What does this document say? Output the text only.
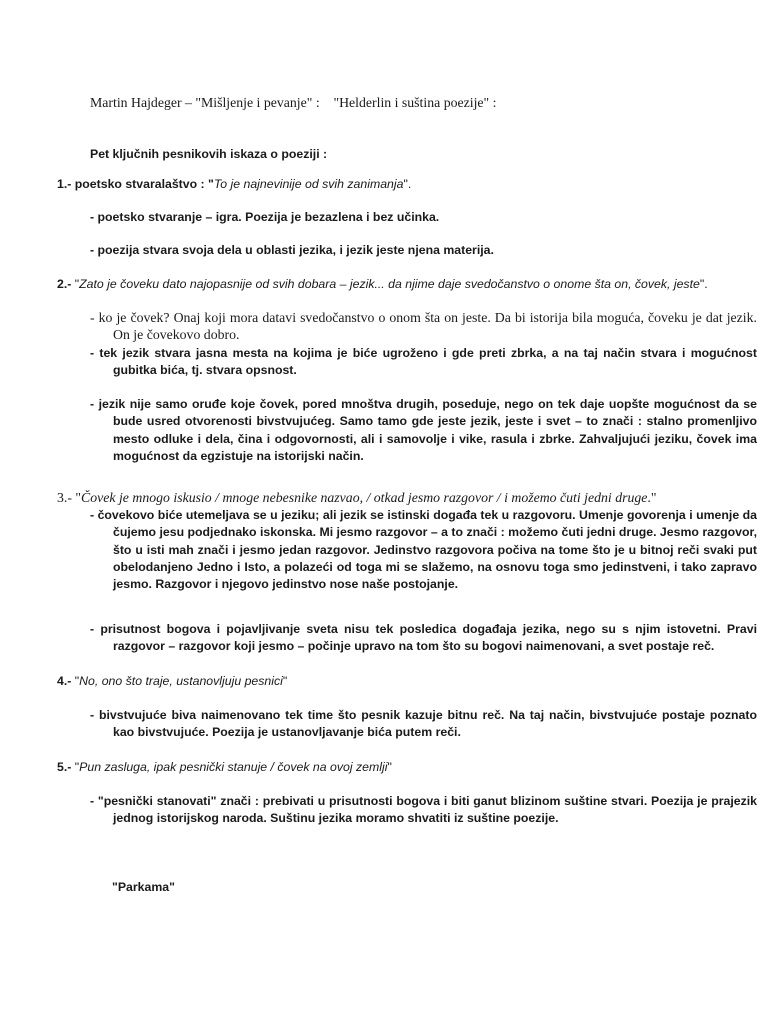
Martin Hajdeger – "Mišljenje i pevanje" : "Helderlin i suština poezije" :
Pet ključnih pesnikovih iskaza o poeziji :
1.- poetsko stvaralaštvo : "To je najnevinije od svih zanimanja".
- poetsko stvaranje – igra. Poezija je bezazlena i bez učinka.
- poezija stvara svoja dela u oblasti jezika, i jezik jeste njena materija.
2.- "Zato je čoveku dato najopasnije od svih dobara – jezik... da njime daje svedočanstvo o onome šta on, čovek, jeste".
- ko je čovek? Onaj koji mora datavi svedočanstvo o onom šta on jeste. Da bi istorija bila moguća, čoveku je dat jezik. On je čovekovo dobro.
- tek jezik stvara jasna mesta na kojima je biće ugroženo i gde preti zbrka, a na taj način stvara i mogućnost gubitka bića, tj. stvara opsnost.
- jezik nije samo oruđe koje čovek, pored mnoštva drugih, poseduje, nego on tek daje uopšte mogućnost da se bude usred otvorenosti bivstvujućeg. Samo tamo gde jeste jezik, jeste i svet – to znači : stalno promenljivo mesto odluke i dela, čina i odgovornosti, ali i samovolje i vike, rasula i zbrke. Zahvaljujući jeziku, čovek ima mogućnost da egzistuje na istorijski način.
3.- "Čovek je mnogo iskusio / mnoge nebesnike nazvao, / otkad jesmo razgovor / i možemo čuti jedni druge."
- čovekovo biće utemeljava se u jeziku; ali jezik se istinski događa tek u razgovoru. Umenje govorenja i umenje da čujemo jesu podjednako iskonska. Mi jesmo razgovor – a to znači : možemo čuti jedni druge. Jesmo razgovor, što u isti mah znači i jesmo jedan razgovor. Jedinstvo razgovora počiva na tome što je u bitnoj reči svaki put obelodanjeno Jedno i Isto, a polazeći od toga mi se slažemo, na osnovu toga smo jedinstveni, i tako zapravo jesmo. Razgovor i njegovo jedinstvo nose naše postojanje.
- prisutnost bogova i pojavljivanje sveta nisu tek posledica događaja jezika, nego su s njim istovetni. Pravi razgovor – razgovor koji jesmo – počinje upravo na tom što su bogovi naimenovani, a svet postaje reč.
4.- "No, ono što traje, ustanovljuju pesnici"
- bivstvujuće biva naimenovano tek time što pesnik kazuje bitnu reč. Na taj način, bivstvujuće postaje poznato kao bivstvujuće. Poezija je ustanovljavanje bića putem reči.
5.- "Pun zasluga, ipak pesnički stanuje / čovek na ovoj zemlji"
- "pesnički stanovati" znači : prebivati u prisutnosti bogova i biti ganut blizinom suštine stvari. Poezija je prajezik jednog istorijskog naroda. Suštinu jezika moramo shvatiti iz suštine poezije.
"Parkama"
